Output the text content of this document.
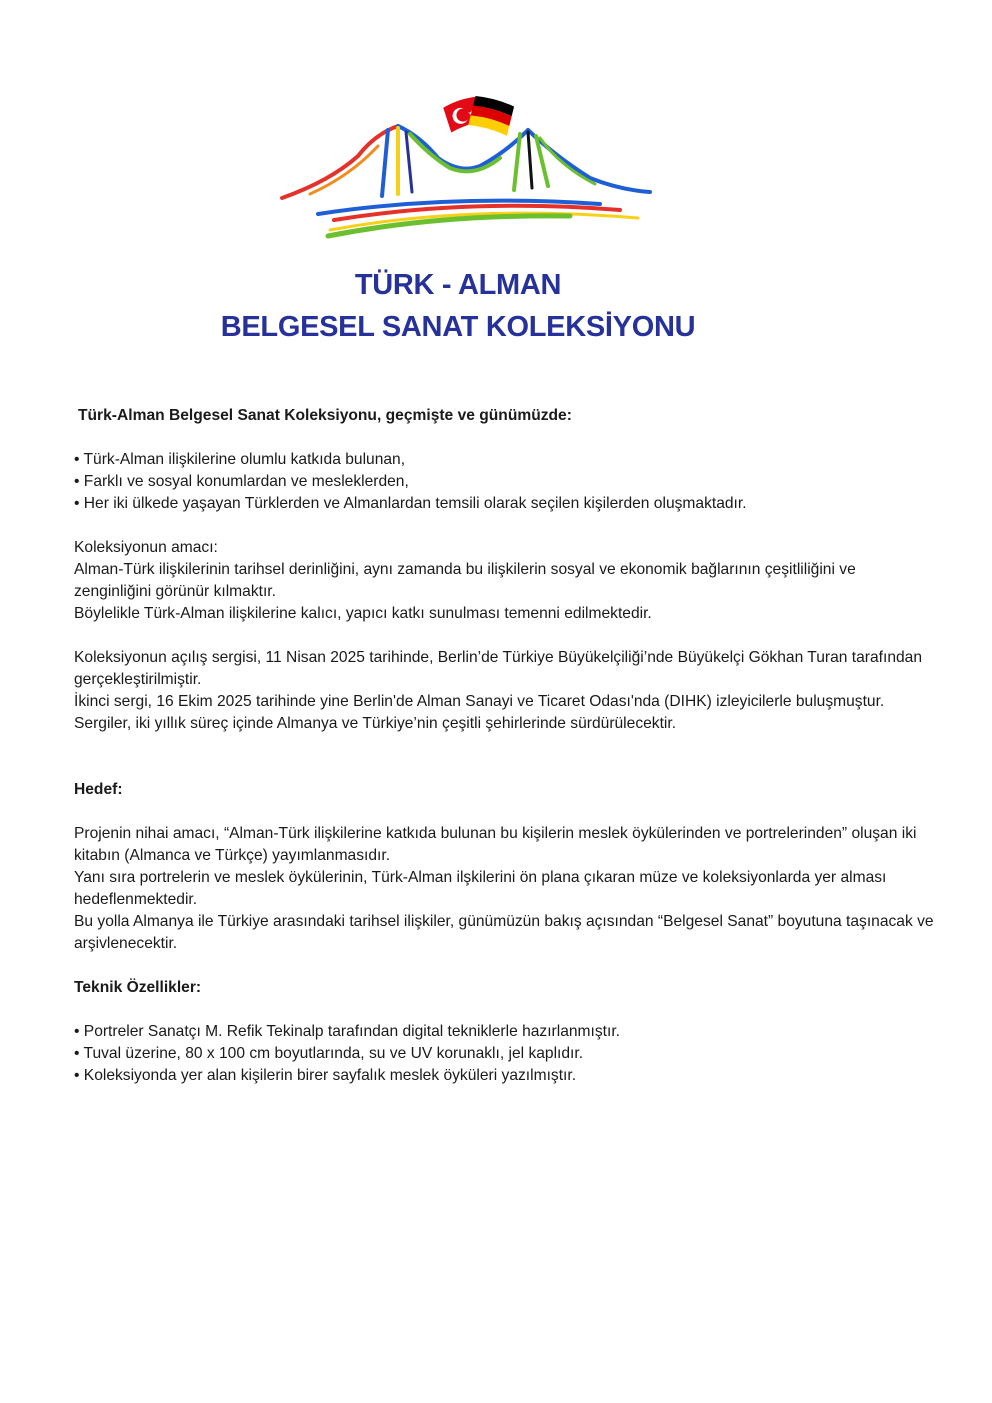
TÜRK - ALMAN
BELGESEL SANAT KOLEKSİYONU

Türk-Alman Belgesel Sanat Koleksiyonu, geçmişte ve günümüzde:

• Türk-Alman ilişkilerine olumlu katkıda bulunan,

• Farklı ve sosyal konumlardan ve mesleklerden,

• Her iki ülkede yaşayan Türklerden ve Almanlardan temsili olarak seçilen kişilerden oluşmaktadır.

Koleksiyonun amacı:

Alman-Türk ilişkilerinin tarihsel derinliğini, aynı zamanda bu ilişkilerin sosyal ve ekonomik bağlarının çeşitliliğini ve zenginliğini görünür kılmaktır.

Böylelikle Türk-Alman ilişkilerine kalıcı, yapıcı katkı sunulması temenni edilmektedir.

Koleksiyonun açılış sergisi, 11 Nisan 2025 tarihinde, Berlin’de Türkiye Büyükelçiliği’nde Büyükelçi Gökhan Turan tarafından gerçekleştirilmiştir.

İkinci sergi, 16 Ekim 2025 tarihinde yine Berlin'de Alman Sanayi ve Ticaret Odası'nda (DIHK) izleyicilerle buluşmuştur.

Sergiler, iki yıllık süreç içinde Almanya ve Türkiye’nin çeşitli şehirlerinde sürdürülecektir.

Hedef:

Projenin nihai amacı, “Alman-Türk ilişkilerine katkıda bulunan bu kişilerin meslek öykülerinden ve portrelerinden” oluşan iki kitabın (Almanca ve Türkçe) yayımlanmasıdır.

Yanı sıra portrelerin ve meslek öykülerinin, Türk-Alman ilşkilerini ön plana çıkaran müze ve koleksiyonlarda yer alması hedeflenmektedir.

Bu yolla Almanya ile Türkiye arasındaki tarihsel ilişkiler, günümüzün bakış açısından “Belgesel Sanat” boyutuna taşınacak ve arşivlenecektir.

Teknik Özellikler:

• Portreler Sanatçı M. Refik Tekinalp tarafından digital tekniklerle hazırlanmıştır.

• Tuval üzerine, 80 x 100 cm boyutlarında, su ve UV korunaklı, jel kaplıdır.

• Koleksiyonda yer alan kişilerin birer sayfalık meslek öyküleri yazılmıştır.
